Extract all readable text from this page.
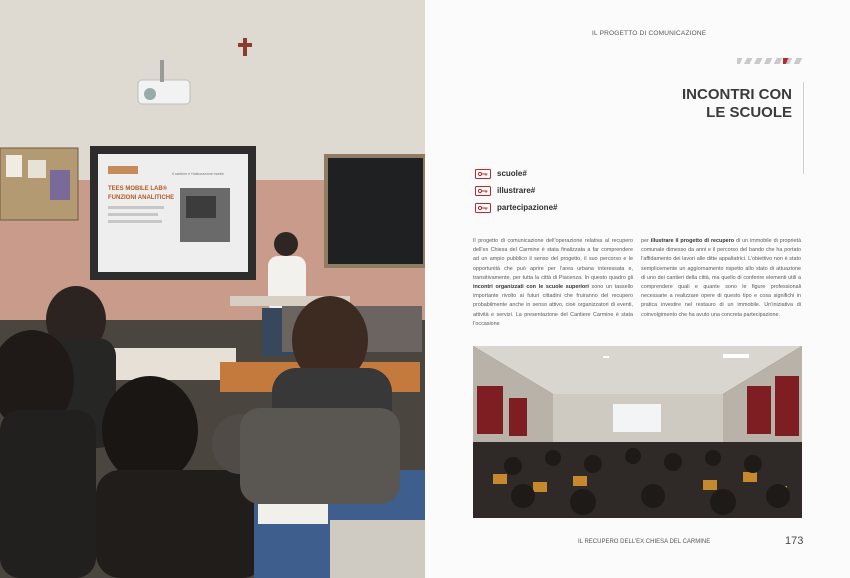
TEES MOBILE LAB®
FUNZIONI ANALITICHE
Il cantiere e l’elaborazione mobile
IL PROGETTO DI COMUNICAZIONE
INCONTRI CON
LE SCUOLE
scuole#
illustrare#
partecipazione#
Il progetto di comunicazione dell’operazione relativa al recupero dell’ex Chiesa del Carmine è stata finalizzata a far comprendere ad un ampio pubblico il senso del progetto, il suo percorso e le opportunità che può aprire per l’area urbana interessata e, transitivamente, per tutta la città di Piacenza. In questo quadro gli incontri organizzati con le scuole superiori sono un tassello importante rivolto ai futuri cittadini che fruiranno del recupero probabilmente anche in senso attivo, cioè organizzatori di eventi, attività e servizi. La presentazione del Cantiere Carmine è stata l’occasione
per illustrare il progetto di recupero di un immobile di proprietà comunale dimesso da anni e il percorso del bando che ha portato l’affidamento dei lavori alle ditte appaltatrici. L’obiettivo non è stato semplicemente un aggiornamento rispetto allo stato di attuazione di uno dei cantieri della città, ma quello di conferire elementi utili a comprendere quali e quante sono le figure professionali necessarie a realizzare opere di questo tipo e cosa significhi in pratica investire nel restauro di un immobile. Un’iniziativa di coinvolgimento che ha avuto una concreta partecipazione.
IL RECUPERO DELL’EX CHIESA DEL CARMINE	173
